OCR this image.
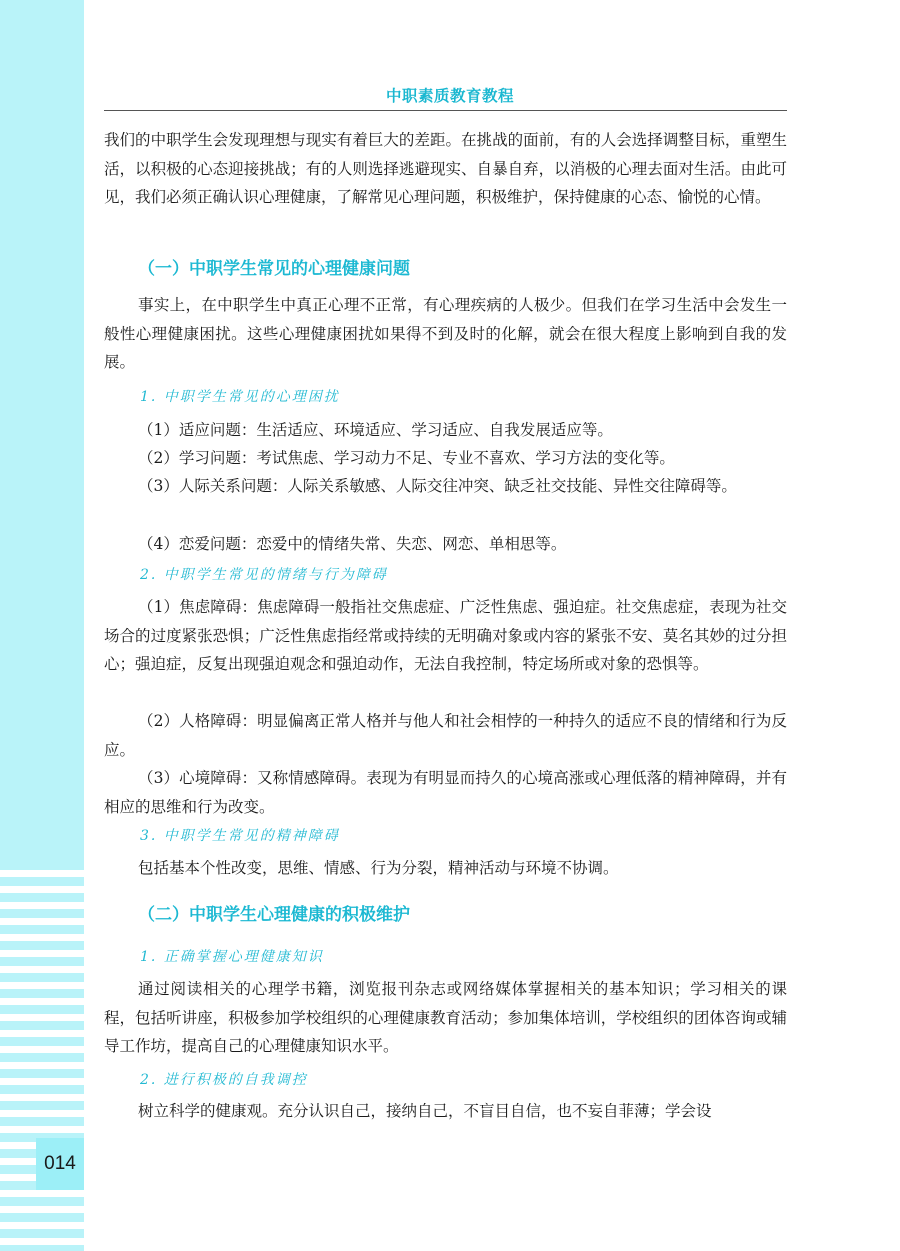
014
中职素质教育教程

我们的中职学生会发现理想与现实有着巨大的差距。在挑战的面前，有的人会选择调整目标，重塑生活，以积极的心态迎接挑战；有的人则选择逃避现实、自暴自弃，以消极的心理去面对生活。由此可见，我们必须正确认识心理健康，了解常见心理问题，积极维护，保持健康的心态、愉悦的心情。

（一）中职学生常见的心理健康问题

事实上，在中职学生中真正心理不正常，有心理疾病的人极少。但我们在学习生活中会发生一般性心理健康困扰。这些心理健康困扰如果得不到及时的化解，就会在很大程度上影响到自我的发展。

1. 中职学生常见的心理困扰

（1）适应问题：生活适应、环境适应、学习适应、自我发展适应等。

（2）学习问题：考试焦虑、学习动力不足、专业不喜欢、学习方法的变化等。

（3）人际关系问题：人际关系敏感、人际交往冲突、缺乏社交技能、异性交往障碍等。

（4）恋爱问题：恋爱中的情绪失常、失恋、网恋、单相思等。

2. 中职学生常见的情绪与行为障碍

（1）焦虑障碍：焦虑障碍一般指社交焦虑症、广泛性焦虑、强迫症。社交焦虑症，表现为社交场合的过度紧张恐惧；广泛性焦虑指经常或持续的无明确对象或内容的紧张不安、莫名其妙的过分担心；强迫症，反复出现强迫观念和强迫动作，无法自我控制，特定场所或对象的恐惧等。

（2）人格障碍：明显偏离正常人格并与他人和社会相悖的一种持久的适应不良的情绪和行为反应。

（3）心境障碍：又称情感障碍。表现为有明显而持久的心境高涨或心理低落的精神障碍，并有相应的思维和行为改变。

3. 中职学生常见的精神障碍

包括基本个性改变，思维、情感、行为分裂，精神活动与环境不协调。

（二）中职学生心理健康的积极维护

1. 正确掌握心理健康知识

通过阅读相关的心理学书籍，浏览报刊杂志或网络媒体掌握相关的基本知识；学习相关的课程，包括听讲座，积极参加学校组织的心理健康教育活动；参加集体培训，学校组织的团体咨询或辅导工作坊，提高自己的心理健康知识水平。

2. 进行积极的自我调控

树立科学的健康观。充分认识自己，接纳自己，不盲目自信，也不妄自菲薄；学会设
